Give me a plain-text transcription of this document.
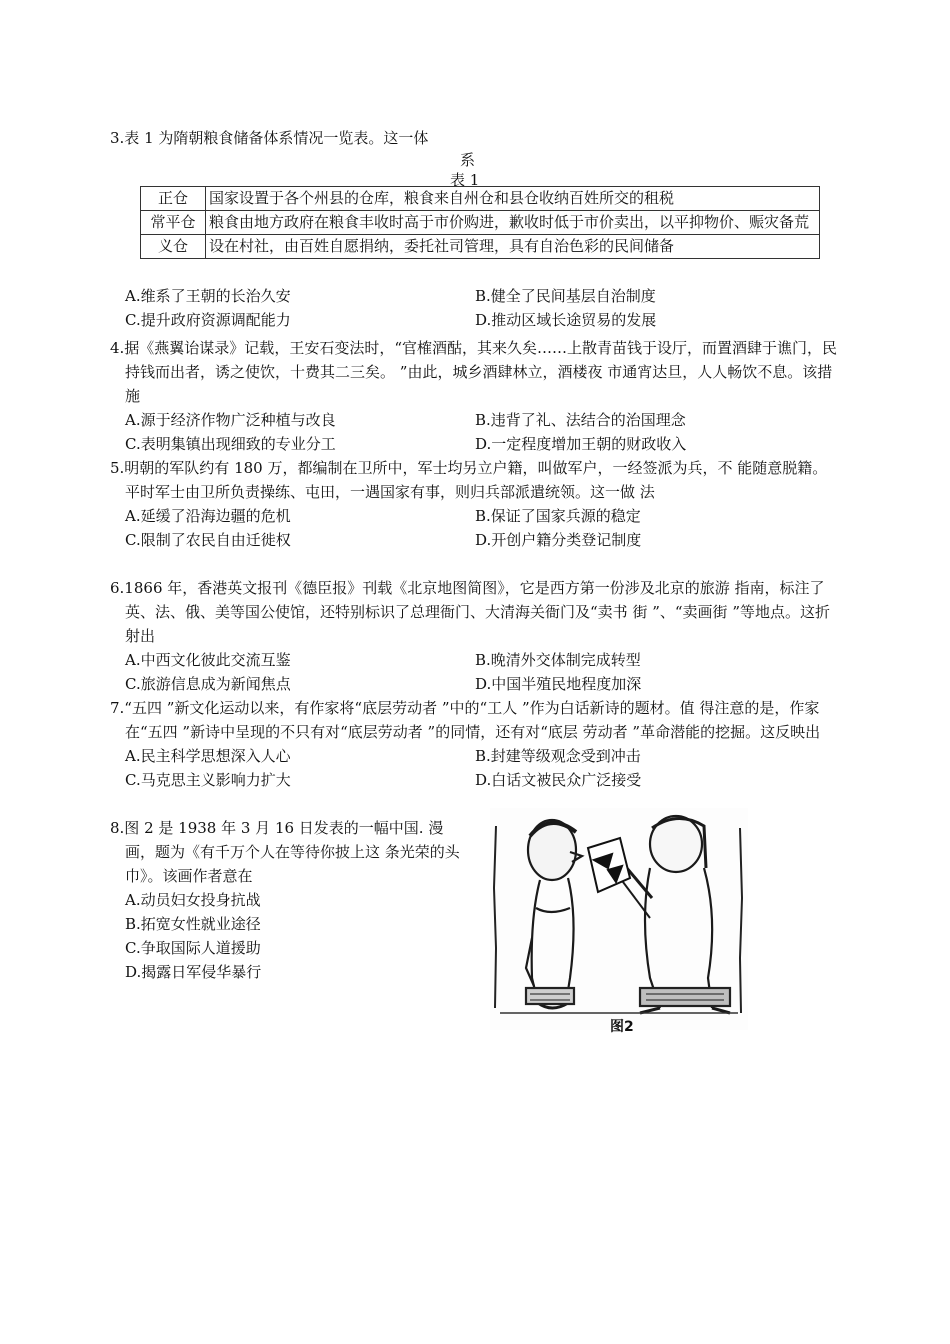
3.表 1 为隋朝粮食储备体系情况一览表。这一体

系

表 1

正仓	国家设置于各个州县的仓库，粮食来自州仓和县仓收纳百姓所交的租税
常平仓	粮食由地方政府在粮食丰收时高于市价购进，歉收时低于市价卖出，以平抑物价、赈灾备荒
义仓	设在村社，由百姓自愿捐纳，委托社司管理，具有自治色彩的民间储备
A.维系了王朝的长治久安	B.健全了民间基层自治制度
C.提升政府资源调配能力	D.推动区域长途贸易的发展

4.据《燕翼诒谋录》记载，王安石变法时，“官榷酒酤，其来久矣……上散青苗钱于设厅，而置酒肆于谯门，民持钱而出者，诱之使饮，十费其二三矣。 ”由此，城乡酒肆林立，酒楼夜 市通宵达旦，人人畅饮不息。该措施

A.源于经济作物广泛种植与改良	B.违背了礼、法结合的治国理念
C.表明集镇出现细致的专业分工	D.一定程度增加王朝的财政收入

5.明朝的军队约有 180 万，都编制在卫所中，军士均另立户籍，叫做军户，一经签派为兵，不 能随意脱籍。平时军士由卫所负责操练、屯田，一遇国家有事，则归兵部派遣统领。这一做 法

A.延缓了沿海边疆的危机	B.保证了国家兵源的稳定
C.限制了农民自由迁徙权	D.开创户籍分类登记制度

6.1866 年，香港英文报刊《德臣报》刊载《北京地图简图》，它是西方第一份涉及北京的旅游 指南，标注了英、法、俄、美等国公使馆，还特别标识了总理衙门、大清海关衙门及“卖书 街 ”、“卖画街 ”等地点。这折射出

A.中西文化彼此交流互鉴	B.晚清外交体制完成转型
C.旅游信息成为新闻焦点	D.中国半殖民地程度加深

7.“五四 ”新文化运动以来，有作家将“底层劳动者 ”中的“工人 ”作为白话新诗的题材。值 得注意的是，作家在“五四 ”新诗中呈现的不只有对“底层劳动者 ”的同情，还有对“底层 劳动者 ”革命潜能的挖掘。这反映出

A.民主科学思想深入人心	B.封建等级观念受到冲击
C.马克思主义影响力扩大	D.白话文被民众广泛接受

8.图 2 是 1938 年 3 月 16 日发表的一幅中国. 漫画，题为《有千万个人在等待你披上这 条光荣的头巾》。该画作者意在

A.动员妇女投身抗战
B.拓宽女性就业途径
C.争取国际人道援助
D.揭露日军侵华暴行
图2
